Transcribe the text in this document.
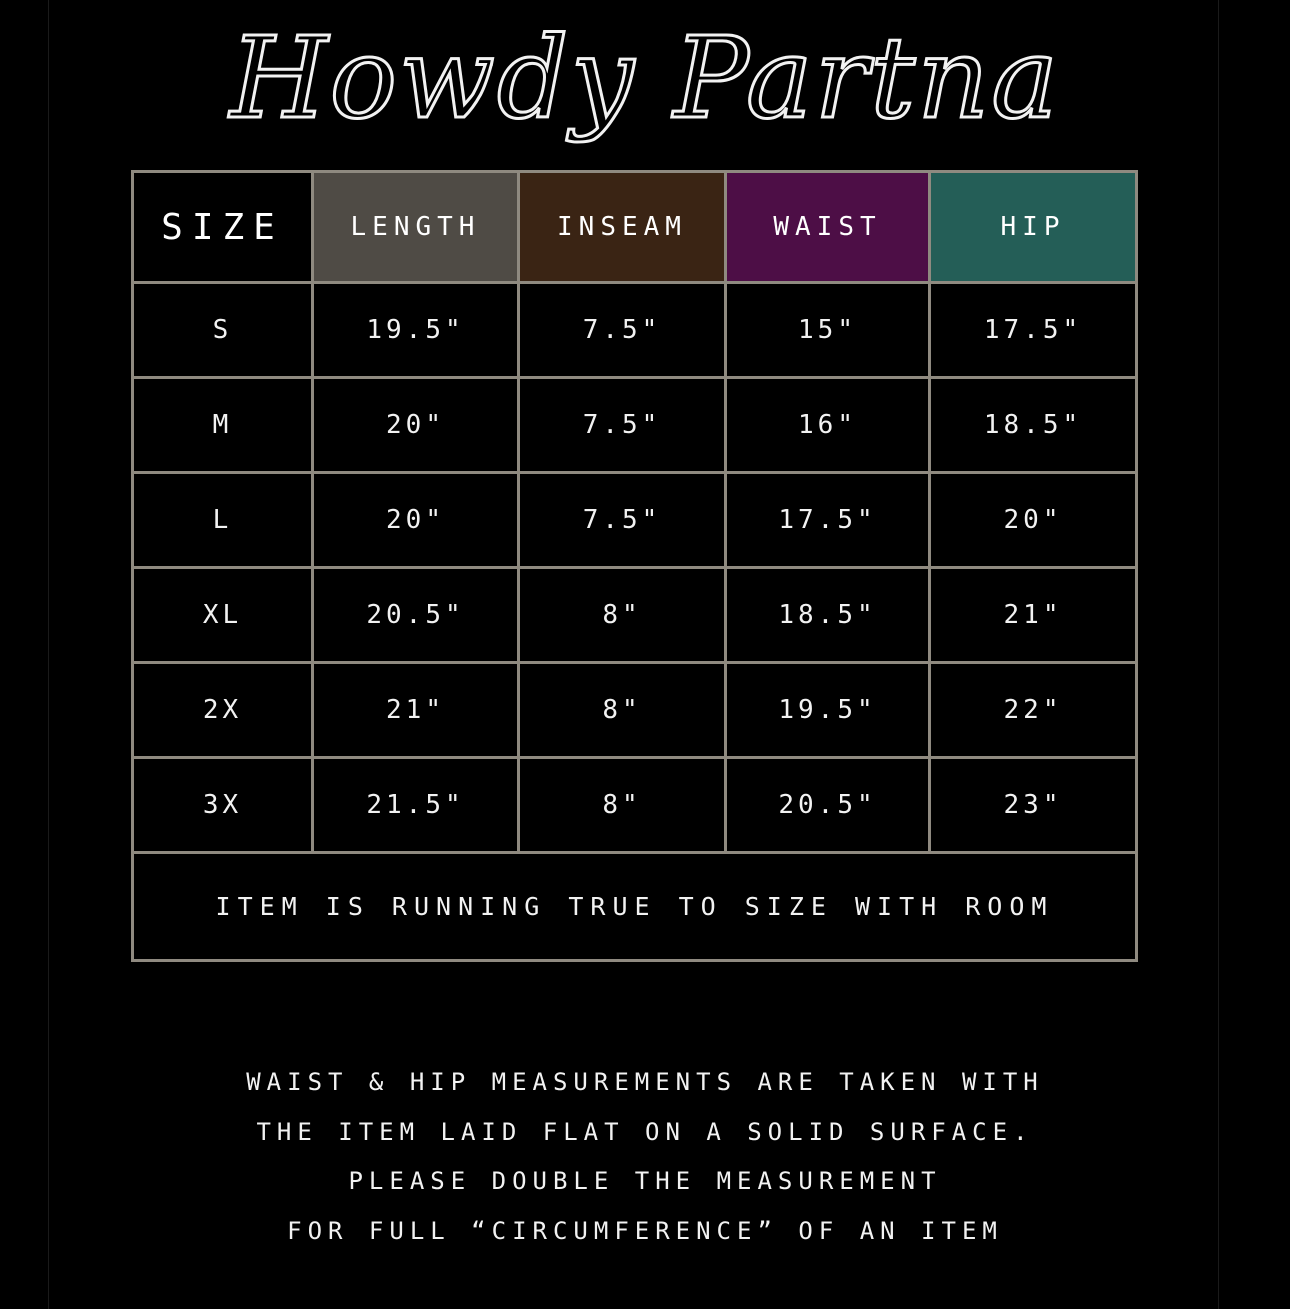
Howdy Partna
SIZE	LENGTH	INSEAM	WAIST	HIP
S	19.5"	7.5"	15"	17.5"
M	20"	7.5"	16"	18.5"
L	20"	7.5"	17.5"	20"
XL	20.5"	8"	18.5"	21"
2X	21"	8"	19.5"	22"
3X	21.5"	8"	20.5"	23"
ITEM IS RUNNING TRUE TO SIZE WITH ROOM				
WAIST & HIP MEASUREMENTS ARE TAKEN WITH
THE ITEM LAID FLAT ON A SOLID SURFACE.
PLEASE DOUBLE THE MEASUREMENT
FOR FULL “CIRCUMFERENCE” OF AN ITEM
